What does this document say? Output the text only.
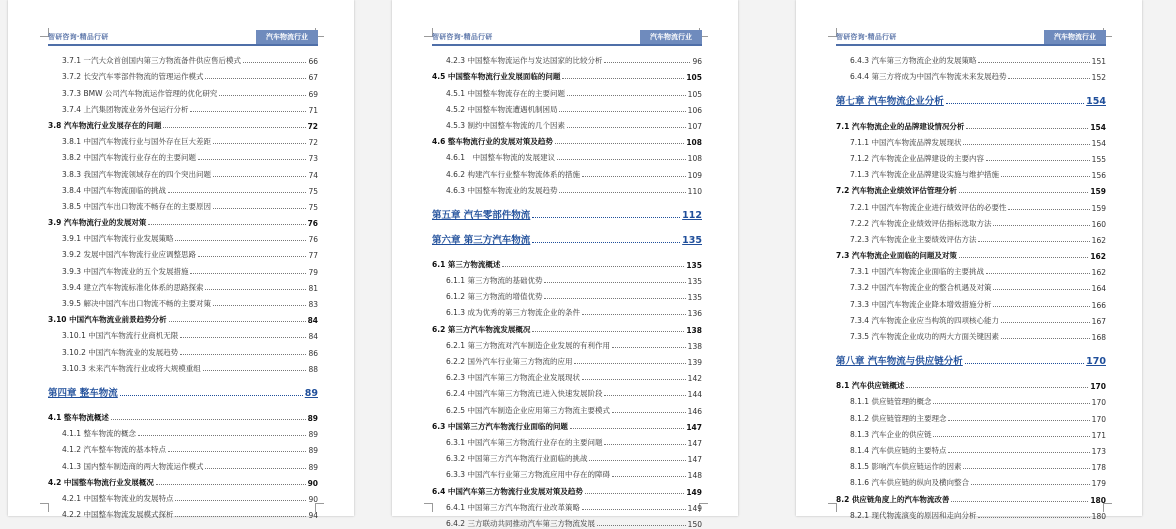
智研咨询·精品行研	汽车物流行业
3.7.1 一汽大众首创国内第三方物流备件供应售后模式	66
3.7.2 长安汽车零部件物流的管理运作模式	67
3.7.3 BMW 公司汽车物流运作管理的优化研究	69
3.7.4 上汽集团物流业务外包运行分析	71
3.8 汽车物流行业发展存在的问题	72
3.8.1 中国汽车物流行业与国外存在巨大差距	72
3.8.2 中国汽车物流行业存在的主要问题	73
3.8.3 我国汽车物流领域存在的四个突出问题	74
3.8.4 中国汽车物流面临的挑战	75
3.8.5 中国汽车出口物流不畅存在的主要原因	75
3.9 汽车物流行业的发展对策	76
3.9.1 中国汽车物流行业发展策略	76
3.9.2 发展中国汽车物流行业应调整思路	77
3.9.3 中国汽车物流业的五个发展措施	79
3.9.4 建立汽车物流标准化体系的思路探索	81
3.9.5 解决中国汽车出口物流不畅的主要对策	83
3.10 中国汽车物流业前景趋势分析	84
3.10.1 中国汽车物流行业商机无限	84
3.10.2 中国汽车物流业的发展趋势	86
3.10.3 未来汽车物流行业或将大规模重组	88
第四章 整车物流	89
4.1 整车物流概述	89
4.1.1 整车物流的概念	89
4.1.2 汽车整车物流的基本特点	89
4.1.3 国内整车制造商的两大物流运作模式	89
4.2 中国整车物流行业发展概况	90
4.2.1 中国整车物流业的发展特点	90
4.2.2 中国整车物流发展模式探析	94
智研咨询·精品行研	汽车物流行业
4.2.3 中国整车物流运作与发达国家的比较分析	96
4.5 中国整车物流行业发展面临的问题	105
4.5.1 中国整车物流存在的主要问题	105
4.5.2 中国整车物流遭遇机制困局	106
4.5.3 制约中国整车物流的几个因素	107
4.6 整车物流行业的发展对策及趋势	108
4.6.1　中国整车物流的发展建议	108
4.6.2 构建汽车行业整车物流体系的措施	109
4.6.3 中国整车物流业的发展趋势	110
第五章 汽车零部件物流	112
第六章 第三方汽车物流	135
6.1 第三方物流概述	135
6.1.1 第三方物流的基础优势	135
6.1.2 第三方物流的增值优势	135
6.1.3 成为优秀的第三方物流企业的条件	136
6.2 第三方汽车物流发展概况	138
6.2.1 第三方物流对汽车制造企业发展的有利作用	138
6.2.2 国外汽车行业第三方物流的应用	139
6.2.3 中国汽车第三方物流企业发展现状	142
6.2.4 中国汽车第三方物流已进入快速发展阶段	144
6.2.5 中国汽车制造企业应用第三方物流主要模式	146
6.3 中国第三方汽车物流行业面临的问题	147
6.3.1 中国汽车第三方物流行业存在的主要问题	147
6.3.2 中国第三方汽车物流行业面临的挑战	147
6.3.3 中国汽车行业第三方物流应用中存在的障碍	148
6.4 中国汽车第三方物流行业发展对策及趋势	149
6.4.1 中国第三方汽车物流行业改革策略	149
6.4.2 三方联动共同推动汽车第三方物流发展	150
智研咨询·精品行研	汽车物流行业
6.4.3 汽车第三方物流企业的发展策略	151
6.4.4 第三方将成为中国汽车物流未来发展趋势	152
第七章 汽车物流企业分析	154
7.1 汽车物流企业的品牌建设情况分析	154
7.1.1 中国汽车物流品牌发展现状	154
7.1.2 汽车物流企业品牌建设的主要内容	155
7.1.3 汽车物流企业品牌建设实施与维护措施	156
7.2 汽车物流企业绩效评估管理分析	159
7.2.1 中国汽车物流企业进行绩效评估的必要性	159
7.2.2 汽车物流企业绩效评估指标选取方法	160
7.2.3 汽车物流企业主要绩效评估方法	162
7.3 汽车物流企业面临的问题及对策	162
7.3.1 中国汽车物流企业面临的主要挑战	162
7.3.2 中国汽车物流企业的整合机遇及对策	164
7.3.3 中国汽车物流企业降本增效措施分析	166
7.3.4 汽车物流企业应当构筑的四项核心能力	167
7.3.5 汽车物流企业成功的两大方面关键因素	168
第八章 汽车物流与供应链分析	170
8.1 汽车供应链概述	170
8.1.1 供应链管理的概念	170
8.1.2 供应链管理的主要理念	170
8.1.3 汽车企业的供应链	171
8.1.4 汽车供应链的主要特点	173
8.1.5 影响汽车供应链运作的因素	178
8.1.6 汽车供应链的纵向及横向整合	179
8.2 供应链角度上的汽车物流改善	180
8.2.1 现代物流演变的原因和走向分析	180
